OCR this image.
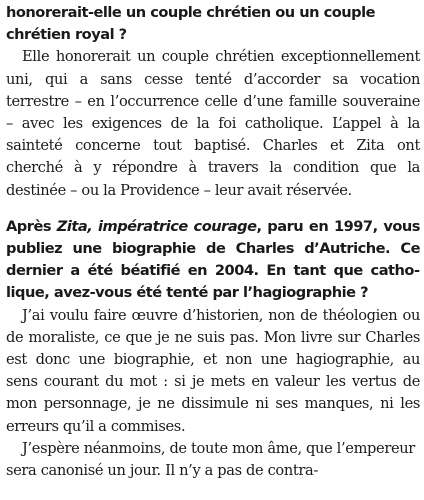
honorerait-elle un couple chrétien ou un couple
chrétien royal ?

Elle honorerait un couple chrétien exceptionnellement uni, qui a sans cesse tenté d’accorder sa vocation terrestre – en l’occurrence celle d’une famille souveraine – avec les exigences de la foi catholique. L’appel à la sainteté concerne tout baptisé. Charles et Zita ont cherché à y répondre à travers la condition que la destinée – ou la Providence – leur avait réservée.

Après Zita, impératrice courage, paru en 1997, vous publiez une biographie de Charles d’Autriche. Ce dernier a été béatifié en 2004. En tant que catholique, avez-vous été tenté par l’hagiographie ?

J’ai voulu faire œuvre d’historien, non de théologien ou de moraliste, ce que je ne suis pas. Mon livre sur Charles est donc une biographie, et non une hagiographie, au sens courant du mot : si je mets en valeur les vertus de mon personnage, je ne dissimule ni ses manques, ni les erreurs qu’il a commises.

J’espère néanmoins, de toute mon âme, que l’empereur sera canonisé un jour. Il n’y a pas de contra-
